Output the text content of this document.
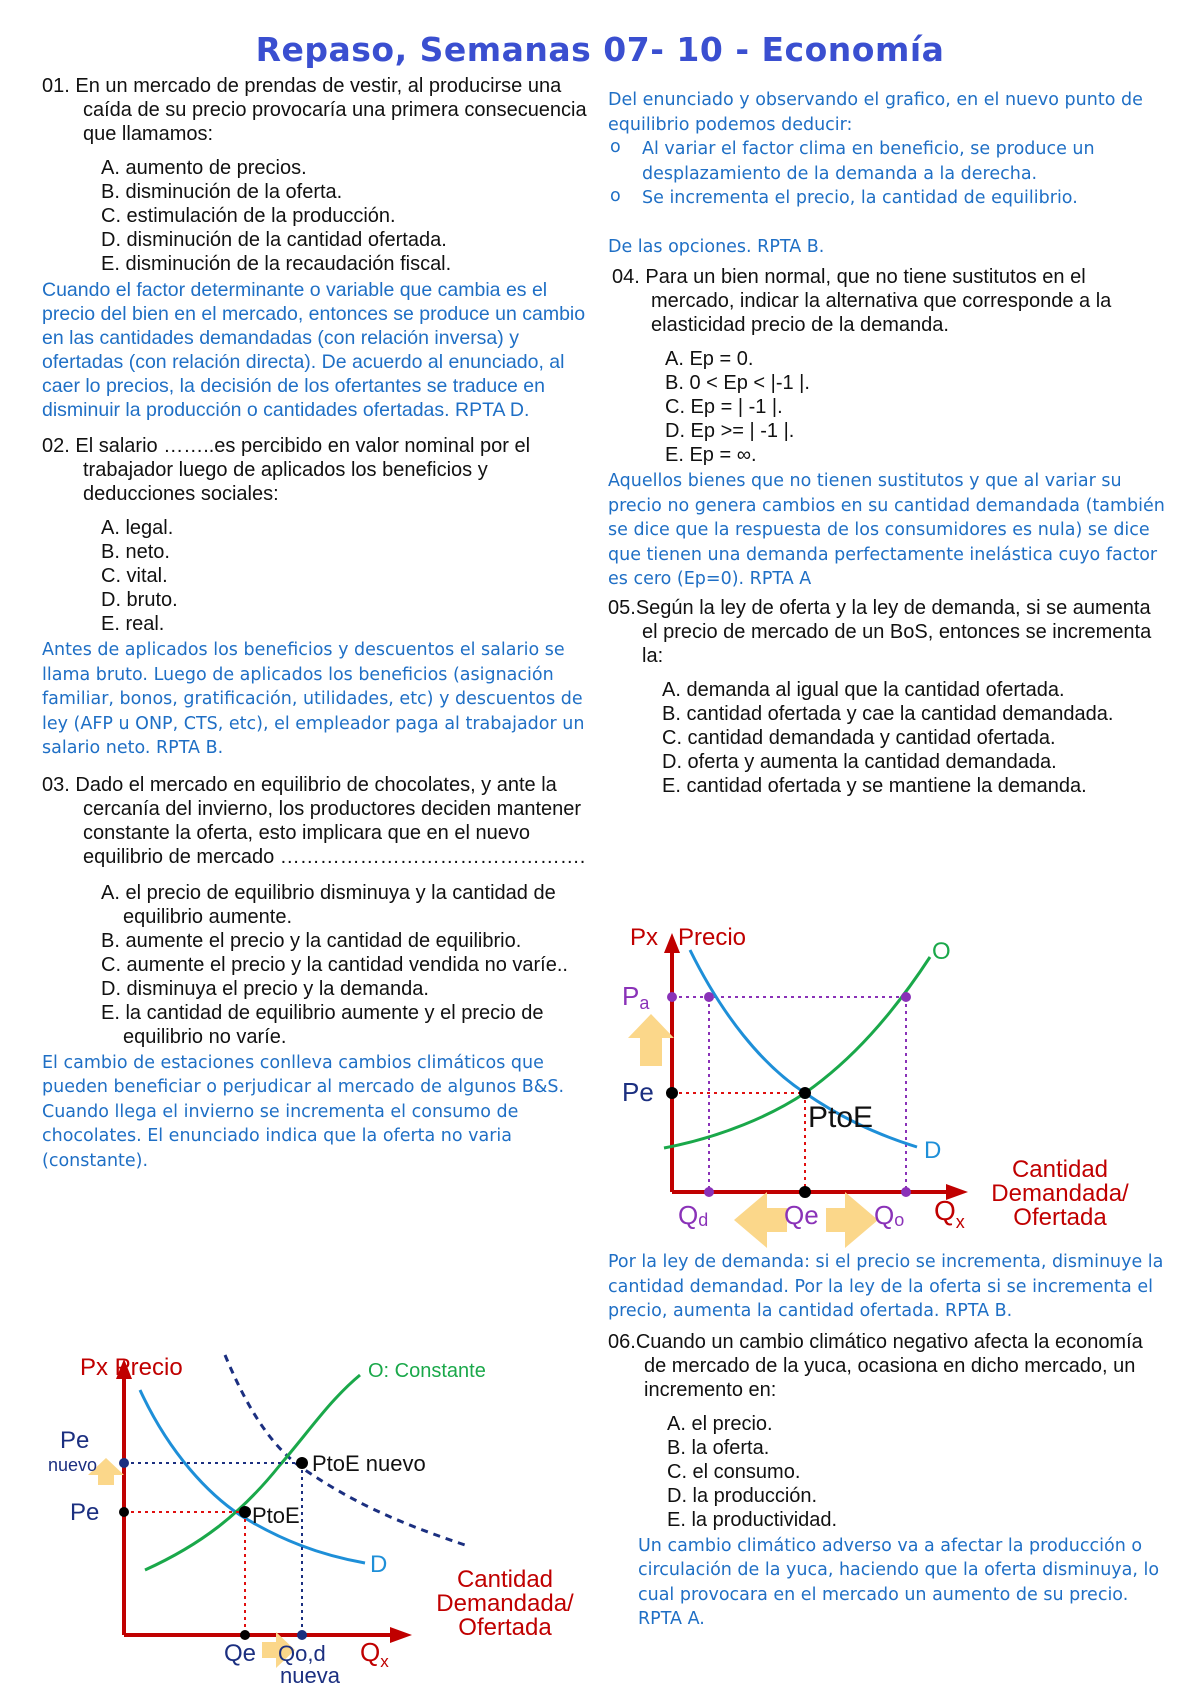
Repaso, Semanas 07- 10 - Economía

01. En un mercado de prendas de vestir, al producirse una caída de su precio provocaría una primera consecuencia que llamamos:

A. aumento de precios.
B. disminución de la oferta.
C. estimulación de la producción.
D. disminución de la cantidad ofertada.
E. disminución de la recaudación fiscal.

Cuando el factor determinante o variable que cambia es el precio del bien en el mercado, entonces se produce un cambio en las cantidades demandadas (con relación inversa) y ofertadas (con relación directa). De acuerdo al enunciado, al caer lo precios, la decisión de los ofertantes se traduce en disminuir la producción o cantidades ofertadas. RPTA D.

02. El salario ……..es percibido en valor nominal por el trabajador luego de aplicados los beneficios y deducciones sociales:

A. legal.
B. neto.
C. vital.
D. bruto.
E. real.

Antes de aplicados los beneficios y descuentos el salario se llama bruto. Luego de aplicados los beneficios (asignación familiar, bonos, gratificación, utilidades, etc) y descuentos de ley (AFP u ONP, CTS, etc), el empleador paga al trabajador un salario neto. RPTA B.

03. Dado el mercado en equilibrio de chocolates, y ante la cercanía del invierno, los productores deciden mantener constante la oferta, esto implicara que en el nuevo equilibrio de mercado ……………………………………….

A. el precio de equilibrio disminuya y la cantidad de equilibrio aumente.
B. aumente el precio y la cantidad de equilibrio.
C. aumente el precio y la cantidad vendida no varíe..
D. disminuya el precio y la demanda.
E. la cantidad de equilibrio aumente y el precio de equilibrio no varíe.

El cambio de estaciones conlleva cambios climáticos que pueden beneficiar o perjudicar al mercado de algunos B&S. Cuando llega el invierno se incrementa el consumo de chocolates. El enunciado indica que la oferta no varia (constante).

Px Precio	O: Constante
Pe
nuevo
Pe	PtoE
PtoE nuevo
D
Qe Qo,d
nueva
$Q_x$
Cantidad
Demandada/
Ofertada

Del enunciado y observando el grafico, en el nuevo punto de equilibrio podemos deducir:

o Al variar el factor clima en beneficio, se produce un desplazamiento de la demanda a la derecha.
o Se incrementa el precio, la cantidad de equilibrio.

De las opciones. RPTA B.

04. Para un bien normal, que no tiene sustitutos en el mercado, indicar la alternativa que corresponde a la elasticidad precio de la demanda.

A. Ep = 0.
B. 0 < Ep < |-1 |.
C. Ep = | -1 |.
D. Ep >= | -1 |.
E. Ep = ∞.

Aquellos bienes que no tienen sustitutos y que al variar su precio no genera cambios en su cantidad demandada (también se dice que la respuesta de los consumidores es nula) se dice que tienen una demanda perfectamente inelástica cuyo factor es cero (Ep=0). RPTA A

05.Según la ley de oferta y la ley de demanda, si se aumenta el precio de mercado de un BoS, entonces se incrementa la:

A. demanda al igual que la cantidad ofertada.
B. cantidad ofertada y cae la cantidad demandada.
C. cantidad demandada y cantidad ofertada.
D. oferta y aumenta la cantidad demandada.
E. cantidad ofertada y se mantiene la demanda.
Px Precio
O
Pa
Pe
PtoE
D
Qd	Qe Qo $Q_x$
Cantidad
Demandada/
Ofertada

Por la ley de demanda: si el precio se incrementa, disminuye la cantidad demandad. Por la ley de la oferta si se incrementa el precio, aumenta la cantidad ofertada. RPTA B.

06.Cuando un cambio climático negativo afecta la economía de mercado de la yuca, ocasiona en dicho mercado, un incremento en:

A. el precio.
B. la oferta.
C. el consumo.
D. la producción.
E. la productividad.

Un cambio climático adverso va a afectar la producción o circulación de la yuca, haciendo que la oferta disminuya, lo cual provocara en el mercado un aumento de su precio. RPTA A.
